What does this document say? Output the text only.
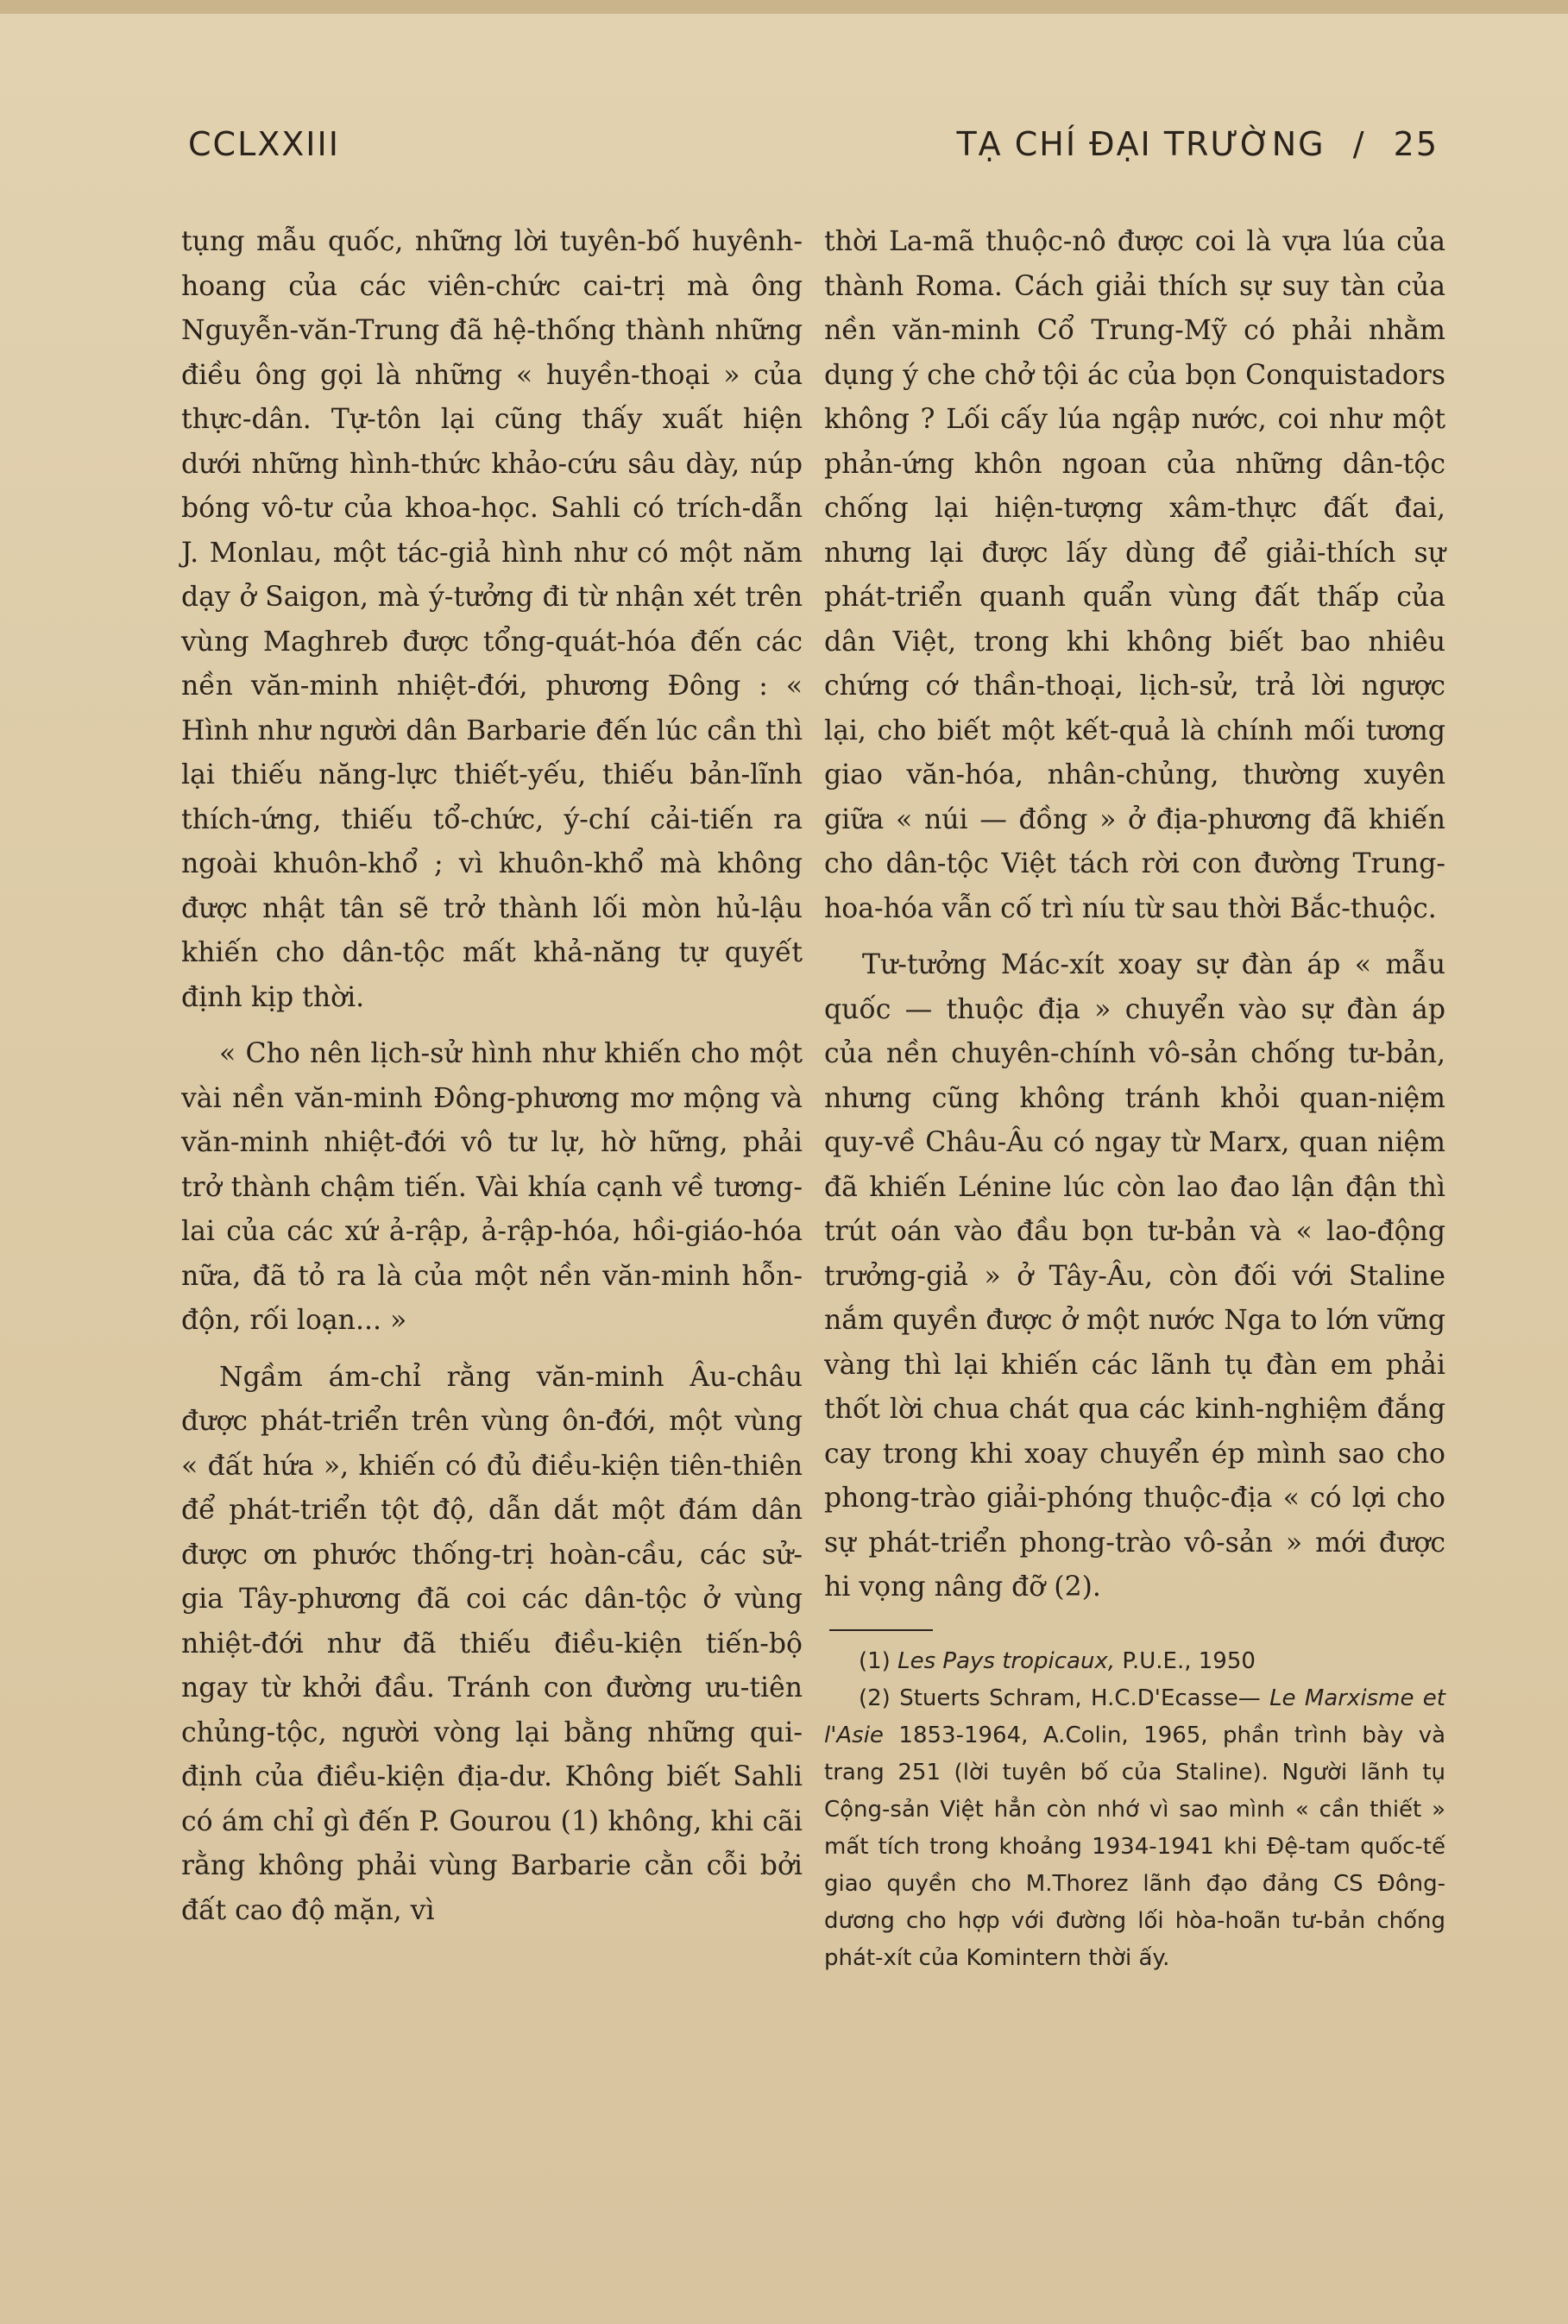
CCLXXIII	TẠ CHÍ ĐẠI TRƯỜNG / 25

tụng mẫu quốc, những lời tuyên-bố huyênh-hoang của các viên-chức cai-trị mà ông Nguyễn-văn-Trung đã hệ-thống thành những điều ông gọi là những « huyền-thoại » của thực-dân. Tự-tôn lại cũng thấy xuất hiện dưới những hình-thức khảo-cứu sâu dày, núp bóng vô-tư của khoa-học. Sahli có trích-dẫn J. Monlau, một tác-giả hình như có một năm dạy ở Saigon, mà ý-tưởng đi từ nhận xét trên vùng Maghreb được tổng-quát-hóa đến các nền văn-minh nhiệt-đới, phương Đông : « Hình như người dân Barbarie đến lúc cần thì lại thiếu năng-lực thiết-yếu, thiếu bản-lĩnh thích-ứng, thiếu tổ-chức, ý-chí cải-tiến ra ngoài khuôn-khổ ; vì khuôn-khổ mà không được nhật tân sẽ trở thành lối mòn hủ-lậu khiến cho dân-tộc mất khả-năng tự quyết định kịp thời.

« Cho nên lịch-sử hình như khiến cho một vài nền văn-minh Đông-phương mơ mộng và văn-minh nhiệt-đới vô tư lự, hờ hững, phải trở thành chậm tiến. Vài khía cạnh về tương-lai của các xứ ả-rập, ả-rập-hóa, hồi-giáo-hóa nữa, đã tỏ ra là của một nền văn-minh hỗn-độn, rối loạn... »

Ngầm ám-chỉ rằng văn-minh Âu-châu được phát-triển trên vùng ôn-đới, một vùng « đất hứa », khiến có đủ điều-kiện tiên-thiên để phát-triển tột độ, dẫn dắt một đám dân được ơn phước thống-trị hoàn-cầu, các sử-gia Tây-phương đã coi các dân-tộc ở vùng nhiệt-đới như đã thiếu điều-kiện tiến-bộ ngay từ khởi đầu. Tránh con đường ưu-tiên chủng-tộc, người vòng lại bằng những qui-định của điều-kiện địa-dư. Không biết Sahli có ám chỉ gì đến P. Gourou (1) không, khi cãi rằng không phải vùng Barbarie cằn cỗi bởi đất cao độ mặn, vì

thời La-mã thuộc-nô được coi là vựa lúa của thành Roma. Cách giải thích sự suy tàn của nền văn-minh Cổ Trung-Mỹ có phải nhằm dụng ý che chở tội ác của bọn Conquistadors không ? Lối cấy lúa ngập nước, coi như một phản-ứng khôn ngoan của những dân-tộc chống lại hiện-tượng xâm-thực đất đai, nhưng lại được lấy dùng để giải-thích sự phát-triển quanh quẩn vùng đất thấp của dân Việt, trong khi không biết bao nhiêu chứng cớ thần-thoại, lịch-sử, trả lời ngược lại, cho biết một kết-quả là chính mối tương giao văn-hóa, nhân-chủng, thường xuyên giữa « núi — đồng » ở địa-phương đã khiến cho dân-tộc Việt tách rời con đường Trung-hoa-hóa vẫn cố trì níu từ sau thời Bắc-thuộc.

Tư-tưởng Mác-xít xoay sự đàn áp « mẫu quốc — thuộc địa » chuyển vào sự đàn áp của nền chuyên-chính vô-sản chống tư-bản, nhưng cũng không tránh khỏi quan-niệm quy-về Châu-Âu có ngay từ Marx, quan niệm đã khiến Lénine lúc còn lao đao lận đận thì trút oán vào đầu bọn tư-bản và « lao-động trưởng-giả » ở Tây-Âu, còn đối với Staline nắm quyền được ở một nước Nga to lớn vững vàng thì lại khiến các lãnh tụ đàn em phải thốt lời chua chát qua các kinh-nghiệm đắng cay trong khi xoay chuyển ép mình sao cho phong-trào giải-phóng thuộc-địa « có lợi cho sự phát-triển phong-trào vô-sản » mới được hi vọng nâng đỡ (2).

(1) Les Pays tropicaux, P.U.E., 1950

(2) Stuerts Schram, H.C.D'Ecasse— Le Marxisme et l'Asie 1853-1964, A.Colin, 1965, phần trình bày và trang 251 (lời tuyên bố của Staline). Người lãnh tụ Cộng-sản Việt hẳn còn nhớ vì sao mình « cần thiết » mất tích trong khoảng 1934-1941 khi Đệ-tam quốc-tế giao quyền cho M.Thorez lãnh đạo đảng CS Đông-dương cho hợp với đường lối hòa-hoãn tư-bản chống phát-xít của Komintern thời ấy.
